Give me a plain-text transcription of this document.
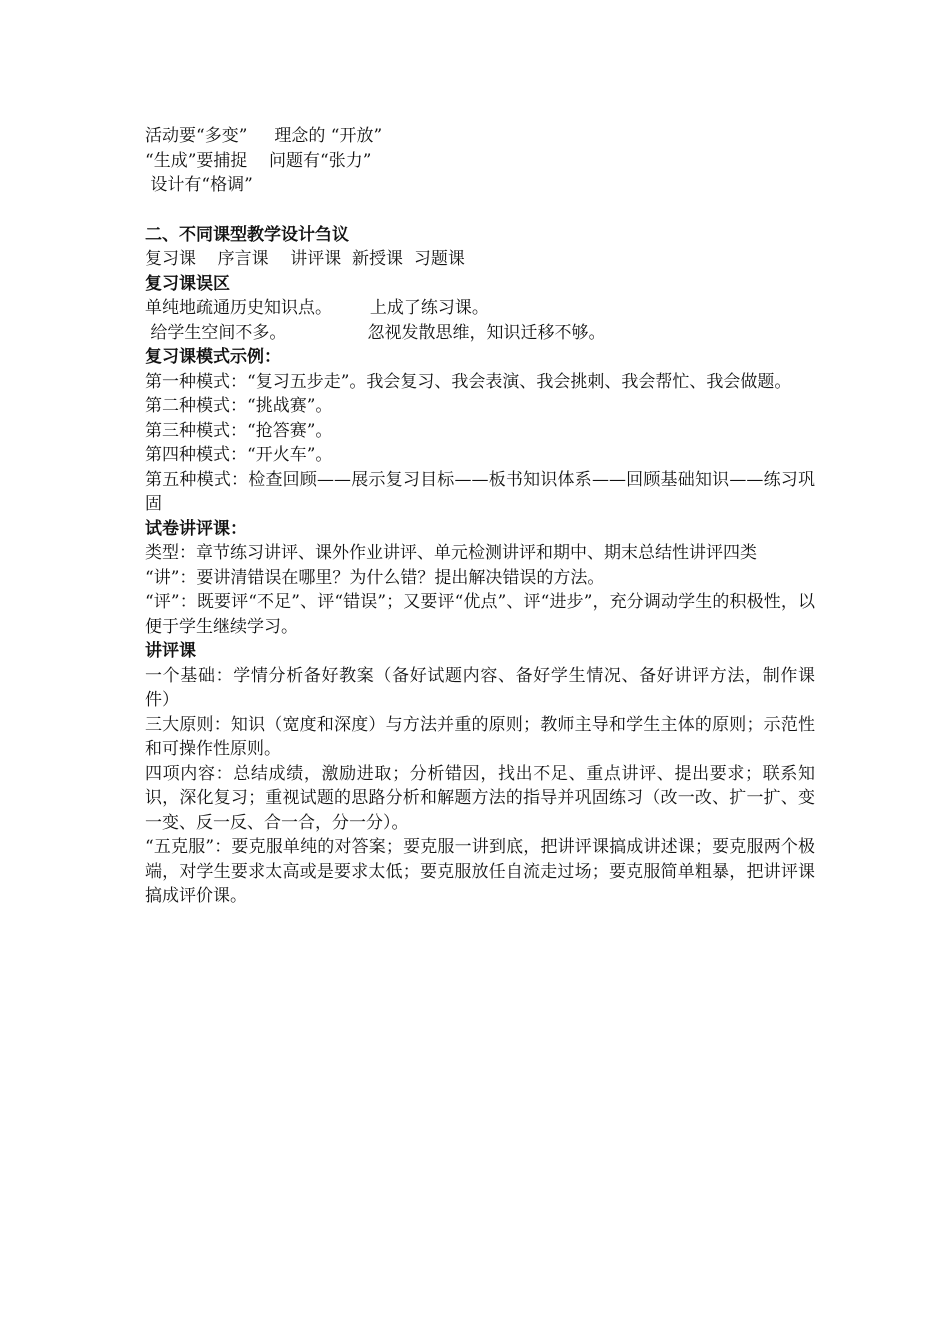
活动要“多变”     理念的 “开放”
“生成”要捕捉    问题有“张力”
设计有“格调”
二、不同课型教学设计刍议
复习课    序言课    讲评课  新授课  习题课
复习课误区
单纯地疏通历史知识点。       上成了练习课。
给学生空间不多。               忽视发散思维，知识迁移不够。
复习课模式示例：
第一种模式：“复习五步走”。我会复习、我会表演、我会挑刺、我会帮忙、我会做题。
第二种模式：“挑战赛”。
第三种模式：“抢答赛”。
第四种模式：“开火车”。
第五种模式：检查回顾——展示复习目标——板书知识体系——回顾基础知识——练习巩固
试卷讲评课：
类型：章节练习讲评、课外作业讲评、单元检测讲评和期中、期末总结性讲评四类
“讲”：要讲清错误在哪里？为什么错？提出解决错误的方法。
“评”：既要评“不足”、评“错误”；又要评“优点”、评“进步”，充分调动学生的积极性，以便于学生继续学习。
讲评课
一个基础：学情分析备好教案（备好试题内容、备好学生情况、备好讲评方法，制作课件）
三大原则：知识（宽度和深度）与方法并重的原则；教师主导和学生主体的原则；示范性和可操作性原则。
四项内容：总结成绩，激励进取；分析错因，找出不足、重点讲评、提出要求；联系知识，深化复习；重视试题的思路分析和解题方法的指导并巩固练习（改一改、扩一扩、变一变、反一反、合一合，分一分）。
“五克服”：要克服单纯的对答案；要克服一讲到底，把讲评课搞成讲述课；要克服两个极端，对学生要求太高或是要求太低；要克服放任自流走过场；要克服简单粗暴，把讲评课搞成评价课。
